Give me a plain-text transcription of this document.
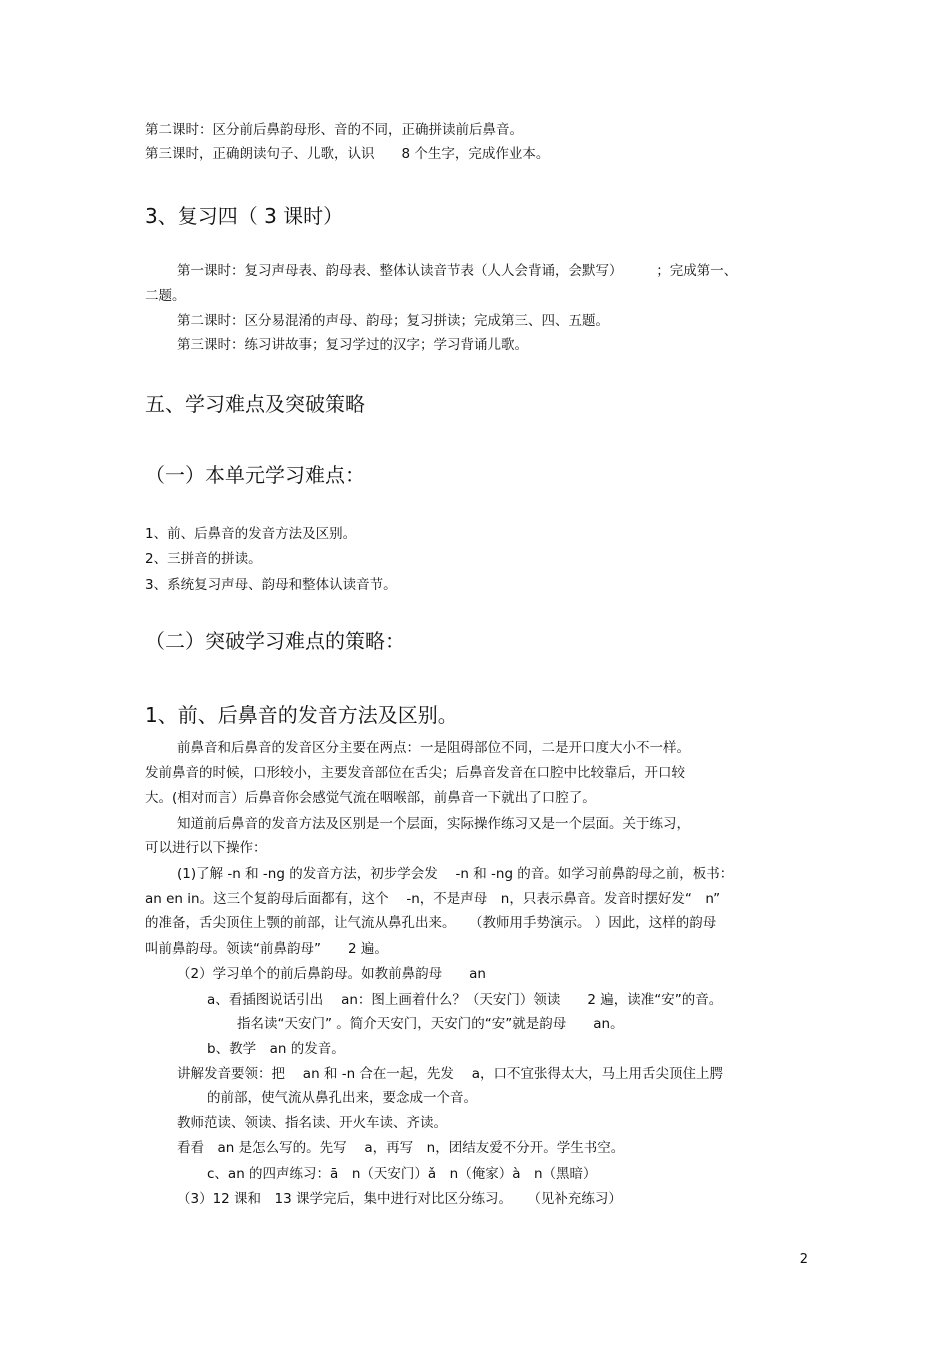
第二课时：区分前后鼻韵母形、音的不同，正确拼读前后鼻音。
第三课时，正确朗读句子、儿歌，认识　　8 个生字，完成作业本。
3、复习四（ 3 课时）
第一课时：复习声母表、韵母表、整体认读音节表（人人会背诵，会默写）　　　；完成第一、
二题。
第二课时：区分易混淆的声母、韵母；复习拼读；完成第三、四、五题。
第三课时：练习讲故事；复习学过的汉字；学习背诵儿歌。
五、学习难点及突破策略
（一）本单元学习难点：
1、前、后鼻音的发音方法及区别。
2、三拼音的拼读。
3、系统复习声母、韵母和整体认读音节。
（二）突破学习难点的策略：
1、前、后鼻音的发音方法及区别。
前鼻音和后鼻音的发音区分主要在两点：一是阻碍部位不同，二是开口度大小不一样。
发前鼻音的时候，口形较小，主要发音部位在舌尖；后鼻音发音在口腔中比较靠后，开口较
大。(相对而言）后鼻音你会感觉气流在咽喉部，前鼻音一下就出了口腔了。
知道前后鼻音的发音方法及区别是一个层面，实际操作练习又是一个层面。关于练习，
可以进行以下操作：
(1)了解 -n 和 -ng 的发音方法，初步学会发　 -n 和 -ng 的音。如学习前鼻韵母之前，板书：
an en in。这三个复韵母后面都有，这个　 -n，不是声母　n，只表示鼻音。发音时摆好发“　n”
的准备，舌尖顶住上颚的前部，让气流从鼻孔出来。　　（教师用手势演示。 ）因此，这样的韵母
叫前鼻韵母。领读“前鼻韵母”　　2 遍。
（2）学习单个的前后鼻韵母。如教前鼻韵母　　an
a、看插图说话引出　 an：图上画着什么？（天安门）领读　　2 遍，读准“安”的音。
指名读“天安门” 。简介天安门，天安门的“安”就是韵母　　an。
b、教学　an 的发音。
讲解发音要领：把　 an 和 -n 合在一起，先发　 a，口不宜张得太大，马上用舌尖顶住上腭
的前部，使气流从鼻孔出来，要念成一个音。
教师范读、领读、指名读、开火车读、齐读。
看看　an 是怎么写的。先写　 a，再写　n，团结友爱不分开。学生书空。
c、an 的四声练习：ā　n（天安门）ǎ　n（俺家）à　n（黑暗）
（3）12 课和　13 课学完后，集中进行对比区分练习。　  （见补充练习）
2
